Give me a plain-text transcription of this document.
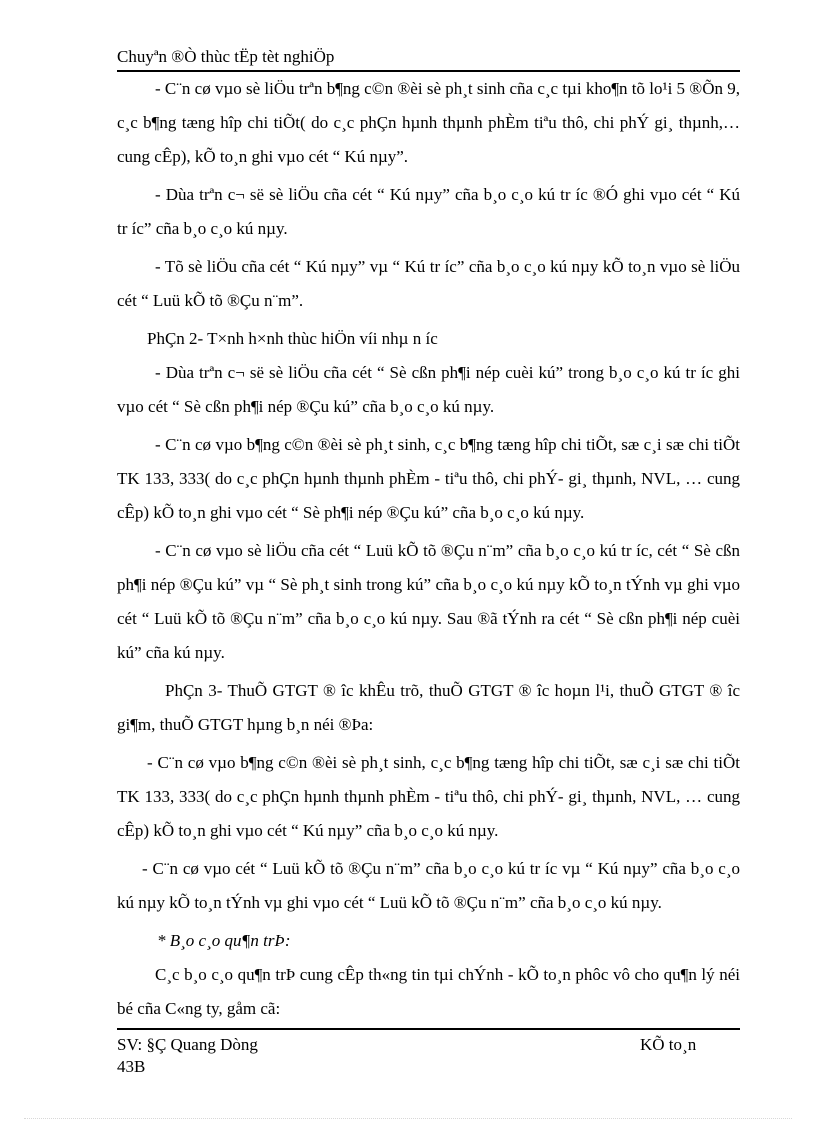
Chuyªn ®Ò thùc tËp tèt nghiÖp

- C¨n cø vµo sè liÖu trªn b¶ng c©n ®èi sè ph¸t sinh cña c¸c tµi kho¶n tõ lo¹i 5 ®Õn 9, c¸c b¶ng tæng hîp chi tiÕt( do c¸c phÇn hµnh thµnh phÈm tiªu thô, chi phÝ gi¸ thµnh,… cung cÊp), kÕ to¸n ghi vµo cét “ Kú nµy”.

- Dùa trªn c¬ së sè liÖu cña cét “ Kú nµy” cña b¸o c¸o kú tr íc ®Ó ghi vµo cét “ Kú tr íc” cña b¸o c¸o kú nµy.

- Tõ sè liÖu cña cét “ Kú nµy” vµ “ Kú tr íc” cña b¸o c¸o kú nµy kÕ to¸n vµo sè liÖu cét “ Luü kÕ tõ ®Çu n¨m”.

PhÇn 2- T×nh h×nh thùc hiÖn víi nhµ n íc

- Dùa trªn c¬ së sè liÖu cña cét “ Sè cßn ph¶i nép cuèi kú” trong b¸o c¸o kú tr íc ghi vµo cét “ Sè cßn ph¶i nép ®Çu kú” cña b¸o c¸o kú nµy.

- C¨n cø vµo b¶ng c©n ®èi sè ph¸t sinh, c¸c b¶ng tæng hîp chi tiÕt, sæ c¸i sæ chi tiÕt TK 133, 333( do c¸c phÇn hµnh thµnh phÈm - tiªu thô, chi phÝ- gi¸ thµnh, NVL, … cung cÊp) kÕ to¸n ghi vµo cét “ Sè ph¶i nép ®Çu kú” cña b¸o c¸o kú nµy.

- C¨n cø vµo sè liÖu cña cét “ Luü kÕ tõ ®Çu n¨m” cña b¸o c¸o kú tr íc, cét “ Sè cßn ph¶i nép ®Çu kú” vµ “ Sè ph¸t sinh trong kú” cña b¸o c¸o kú nµy kÕ to¸n tÝnh vµ ghi vµo cét “ Luü kÕ tõ ®Çu n¨m” cña b¸o c¸o kú nµy. Sau ®ã tÝnh ra cét “ Sè cßn ph¶i nép cuèi kú” cña kú nµy.

PhÇn 3- ThuÕ GTGT ® îc khÊu trõ, thuÕ GTGT ® îc hoµn l¹i, thuÕ GTGT ® îc gi¶m, thuÕ GTGT hµng b¸n néi ®Þa:

- C¨n cø vµo b¶ng c©n ®èi sè ph¸t sinh, c¸c b¶ng tæng hîp chi tiÕt, sæ c¸i sæ chi tiÕt TK 133, 333( do c¸c phÇn hµnh thµnh phÈm - tiªu thô, chi phÝ- gi¸ thµnh, NVL, … cung cÊp) kÕ to¸n ghi vµo cét “ Kú nµy” cña b¸o c¸o kú nµy.

- C¨n cø vµo cét “ Luü kÕ tõ ®Çu n¨m” cña b¸o c¸o kú tr íc vµ “ Kú nµy” cña b¸o c¸o kú nµy kÕ to¸n tÝnh vµ ghi vµo cét “ Luü kÕ tõ ®Çu n¨m” cña b¸o c¸o kú nµy.

* B¸o c¸o qu¶n trÞ:

C¸c b¸o c¸o qu¶n trÞ cung cÊp th«ng tin tµi chÝnh - kÕ to¸n phôc vô cho qu¶n lý néi bé cña C«ng ty, gåm cã:

SV: §Ç Quang Dòng
43B
KÕ to¸n
